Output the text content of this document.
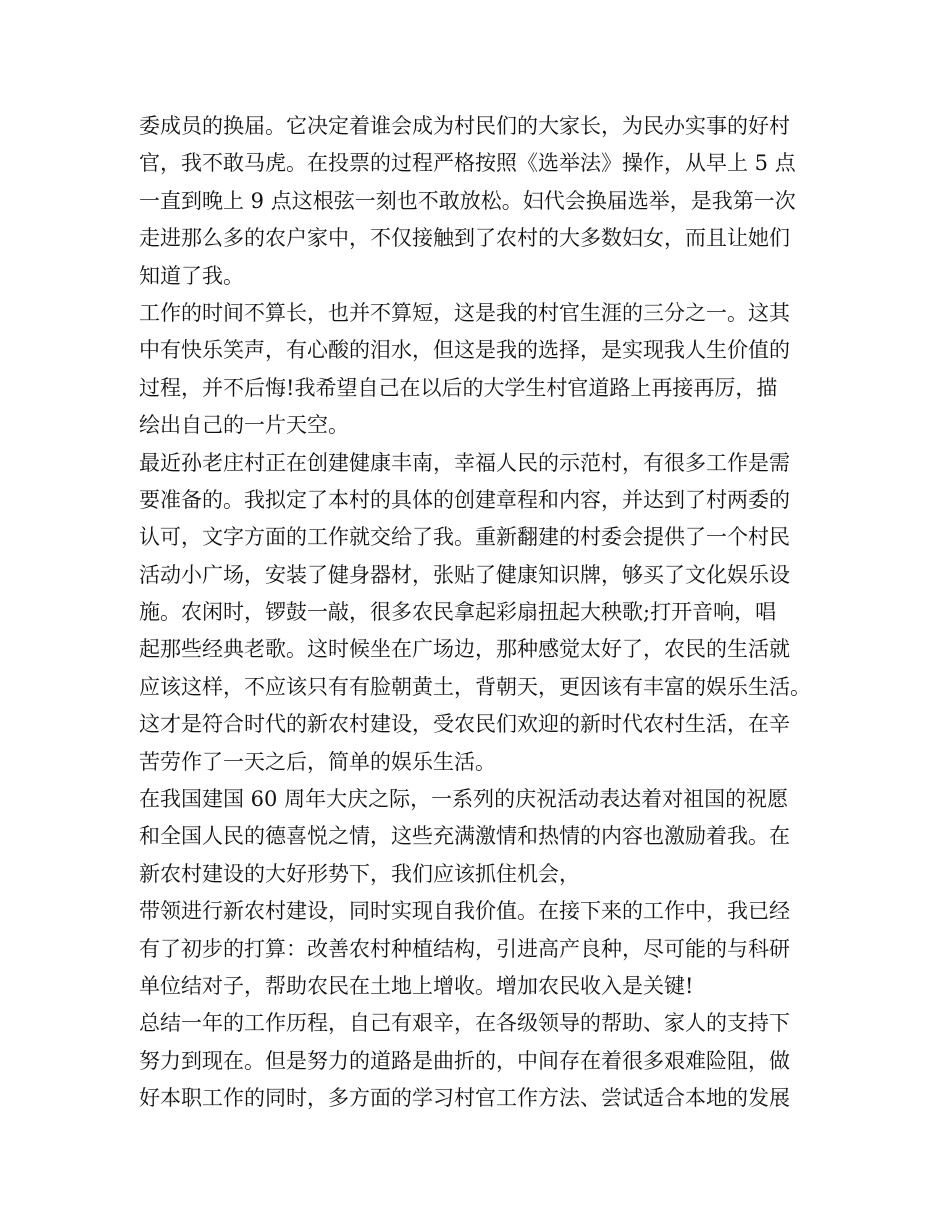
委成员的换届。它决定着谁会成为村民们的大家长，为民办实事的好村
官，我不敢马虎。在投票的过程严格按照《选举法》操作，从早上 5 点
一直到晚上 9 点这根弦一刻也不敢放松。妇代会换届选举，是我第一次
走进那么多的农户家中，不仅接触到了农村的大多数妇女，而且让她们
知道了我。
工作的时间不算长，也并不算短，这是我的村官生涯的三分之一。这其
中有快乐笑声，有心酸的泪水，但这是我的选择，是实现我人生价值的
过程，并不后悔!我希望自己在以后的大学生村官道路上再接再厉，描
绘出自己的一片天空。
最近孙老庄村正在创建健康丰南，幸福人民的示范村，有很多工作是需
要准备的。我拟定了本村的具体的创建章程和内容，并达到了村两委的
认可，文字方面的工作就交给了我。重新翻建的村委会提供了一个村民
活动小广场，安装了健身器材，张贴了健康知识牌，够买了文化娱乐设
施。农闲时，锣鼓一敲，很多农民拿起彩扇扭起大秧歌;打开音响，唱
起那些经典老歌。这时候坐在广场边，那种感觉太好了，农民的生活就
应该这样，不应该只有有脸朝黄土，背朝天，更因该有丰富的娱乐生活。
这才是符合时代的新农村建设，受农民们欢迎的新时代农村生活，在辛
苦劳作了一天之后，简单的娱乐生活。
在我国建国 60 周年大庆之际，一系列的庆祝活动表达着对祖国的祝愿
和全国人民的德喜悦之情，这些充满激情和热情的内容也激励着我。在
新农村建设的大好形势下，我们应该抓住机会，
带领进行新农村建设，同时实现自我价值。在接下来的工作中，我已经
有了初步的打算：改善农村种植结构，引进高产良种，尽可能的与科研
单位结对子，帮助农民在土地上增收。增加农民收入是关键!
总结一年的工作历程，自己有艰辛，在各级领导的帮助、家人的支持下
努力到现在。但是努力的道路是曲折的，中间存在着很多艰难险阻，做
好本职工作的同时，多方面的学习村官工作方法、尝试适合本地的发展
